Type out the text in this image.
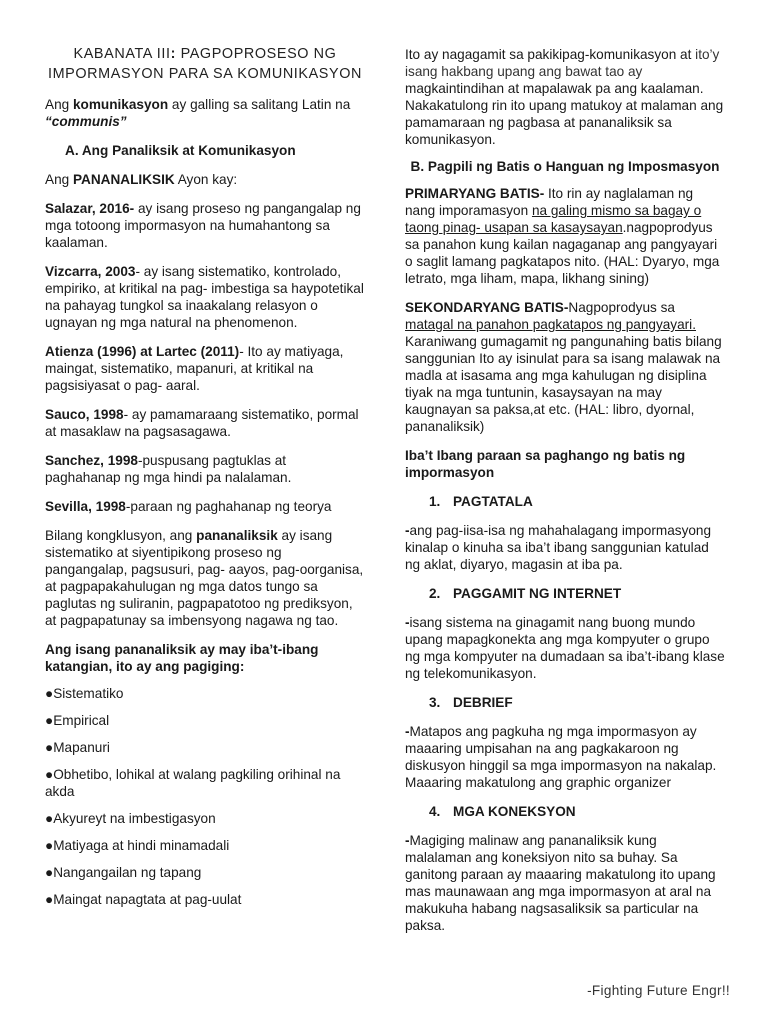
KABANATA III: PAGPOPROSESO NG
IMPORMASYON PARA SA KOMUNIKASYON

Ang komunikasyon ay galling sa salitang Latin na
“communis”

A. Ang Panaliksik at Komunikasyon

Ang PANANALIKSIK Ayon kay:

Salazar, 2016- ay isang proseso ng pangangalap ng mga totoong impormasyon na humahantong sa kaalaman.

Vizcarra, 2003- ay isang sistematiko, kontrolado, empiriko, at kritikal na pag- imbestiga sa haypotetikal na pahayag tungkol sa inaakalang relasyon o ugnayan ng mga natural na phenomenon.

Atienza (1996) at Lartec (2011)- Ito ay matiyaga, maingat, sistematiko, mapanuri, at kritikal na pagsisiyasat o pag- aaral.

Sauco, 1998- ay pamamaraang sistematiko, pormal at masaklaw na pagsasagawa.

Sanchez, 1998-puspusang pagtuklas at paghahanap ng mga hindi pa nalalaman.

Sevilla, 1998-paraan ng paghahanap ng teorya

Bilang kongklusyon, ang pananaliksik ay isang sistematiko at siyentipikong proseso ng pangangalap, pagsusuri, pag- aayos, pag-oorganisa, at pagpapakahulugan ng mga datos tungo sa paglutas ng suliranin, pagpapatotoo ng prediksyon, at pagpapatunay sa imbensyong nagawa ng tao.

Ang isang pananaliksik ay may iba’t-ibang katangian, ito ay ang pagiging:

●Sistematiko

●Empirical

●Mapanuri

●Obhetibo, lohikal at walang pagkiling orihinal na akda

●Akyureyt na imbestigasyon

●Matiyaga at hindi minamadali

●Nangangailan ng tapang

●Maingat napagtata at pag-uulat

Ito ay nagagamit sa pakikipag-komunikasyon at ito’y isang hakbang upang ang bawat tao ay magkaintindihan at mapalawak pa ang kaalaman. Nakakatulong rin ito upang matukoy at malaman ang pamamaraan ng pagbasa at pananaliksik sa komunikasyon.

B. Pagpili ng Batis o Hanguan ng Imposmasyon

PRIMARYANG BATIS- Ito rin ay naglalaman ng nang imporamasyon na galing mismo sa bagay o taong pinag- usapan sa kasaysayan.nagpoprodyus sa panahon kung kailan nagaganap ang pangyayari o saglit lamang pagkatapos nito. (HAL: Dyaryo, mga letrato, mga liham, mapa, likhang sining)

SEKONDARYANG BATIS-Nagpoprodyus sa matagal na panahon pagkatapos ng pangyayari. Karaniwang gumagamit ng pangunahing batis bilang sanggunian Ito ay isinulat para sa isang malawak na madla at isasama ang mga kahulugan ng disiplina tiyak na mga tuntunin, kasaysayan na may kaugnayan sa paksa,at etc. (HAL: libro, dyornal, pananaliksik)

Iba’t Ibang paraan sa paghango ng batis ng impormasyon

1. PAGTATALA

-ang pag-iisa-isa ng mahahalagang impormasyong kinalap o kinuha sa iba’t ibang sanggunian katulad ng aklat, diyaryo, magasin at iba pa.

2. PAGGAMIT NG INTERNET

-isang sistema na ginagamit nang buong mundo upang mapagkonekta ang mga kompyuter o grupo ng mga kompyuter na dumadaan sa iba’t-ibang klase ng telekomunikasyon.

3. DEBRIEF

-Matapos ang pagkuha ng mga impormasyon ay maaaring umpisahan na ang pagkakaroon ng diskusyon hinggil sa mga impormasyon na nakalap. Maaaring makatulong ang graphic organizer

4. MGA KONEKSYON

-Magiging malinaw ang pananaliksik kung malalaman ang koneksiyon nito sa buhay. Sa ganitong paraan ay maaaring makatulong ito upang mas maunawaan ang mga impormasyon at aral na makukuha habang nagsasaliksik sa particular na paksa.

-Fighting Future Engr!!
